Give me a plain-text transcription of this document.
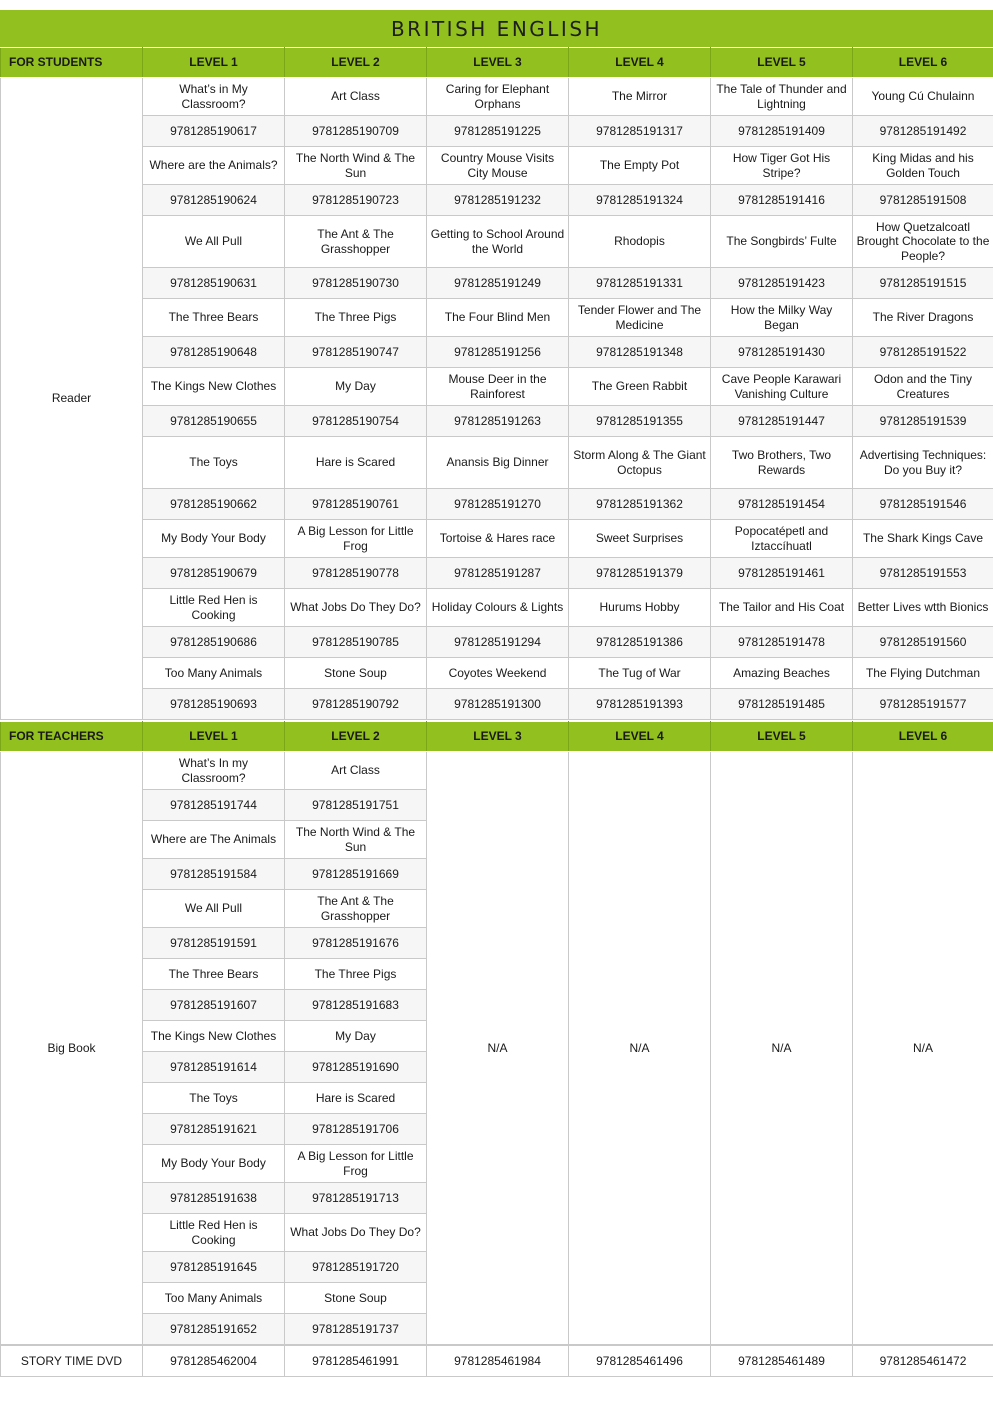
BRITISH ENGLISH
FOR STUDENTS	LEVEL 1	LEVEL 2	LEVEL 3	LEVEL 4	LEVEL 5	LEVEL 6
Reader	What’s in My Classroom?	Art Class	Caring for Elephant Orphans	The Mirror	The Tale of Thunder and Lightning	Young Cú Chulainn
	9781285190617	9781285190709	9781285191225	9781285191317	9781285191409	9781285191492
	Where are the Animals?	The North Wind & The Sun	Country Mouse Visits City Mouse	The Empty Pot	How Tiger Got His Stripe?	King Midas and his Golden Touch
	9781285190624	9781285190723	9781285191232	9781285191324	9781285191416	9781285191508
	We All Pull	The Ant & The Grasshopper	Getting to School Around the World	Rhodopis	The Songbirds’ Fulte	How Quetzalcoatl Brought Chocolate to the People?
	9781285190631	9781285190730	9781285191249	9781285191331	9781285191423	9781285191515
	The Three Bears	The Three Pigs	The Four Blind Men	Tender Flower and The Medicine	How the Milky Way Began	The River Dragons
	9781285190648	9781285190747	9781285191256	9781285191348	9781285191430	9781285191522
	The Kings New Clothes	My Day	Mouse Deer in the Rainforest	The Green Rabbit	Cave People Karawari Vanishing Culture	Odon and the Tiny Creatures
	9781285190655	9781285190754	9781285191263	9781285191355	9781285191447	9781285191539
	The Toys	Hare is Scared	Anansis Big Dinner	Storm Along & The Giant Octopus	Two Brothers, Two Rewards	Advertising Techniques: Do you Buy it?
	9781285190662	9781285190761	9781285191270	9781285191362	9781285191454	9781285191546
	My Body Your Body	A Big Lesson for Little Frog	Tortoise & Hares race	Sweet Surprises	Popocatépetl and Iztaccíhuatl	The Shark Kings Cave
	9781285190679	9781285190778	9781285191287	9781285191379	9781285191461	9781285191553
	Little Red Hen is Cooking	What Jobs Do They Do?	Holiday Colours & Lights	Hurums Hobby	The Tailor and His Coat	Better Lives wtth Bionics
	9781285190686	9781285190785	9781285191294	9781285191386	9781285191478	9781285191560
	Too Many Animals	Stone Soup	Coyotes Weekend	The Tug of War	Amazing Beaches	The Flying Dutchman
	9781285190693	9781285190792	9781285191300	9781285191393	9781285191485	9781285191577
FOR TEACHERS	LEVEL 1	LEVEL 2	LEVEL 3	LEVEL 4	LEVEL 5	LEVEL 6
Big Book	What’s In my Classroom?	Art Class	N/A	N/A	N/A	N/A
	9781285191744	9781285191751				
	Where are The Animals	The North Wind & The Sun				
	9781285191584	9781285191669				
	We All Pull	The Ant & The Grasshopper				
	9781285191591	9781285191676				
	The Three Bears	The Three Pigs				
	9781285191607	9781285191683				
	The Kings New Clothes	My Day				
	9781285191614	9781285191690				
	The Toys	Hare is Scared				
	9781285191621	9781285191706				
	My Body Your Body	A Big Lesson for Little Frog				
	9781285191638	9781285191713				
	Little Red Hen is Cooking	What Jobs Do They Do?				
	9781285191645	9781285191720				
	Too Many Animals	Stone Soup				
	9781285191652	9781285191737				
STORY TIME DVD	9781285462004	9781285461991	9781285461984	9781285461496	9781285461489	9781285461472
